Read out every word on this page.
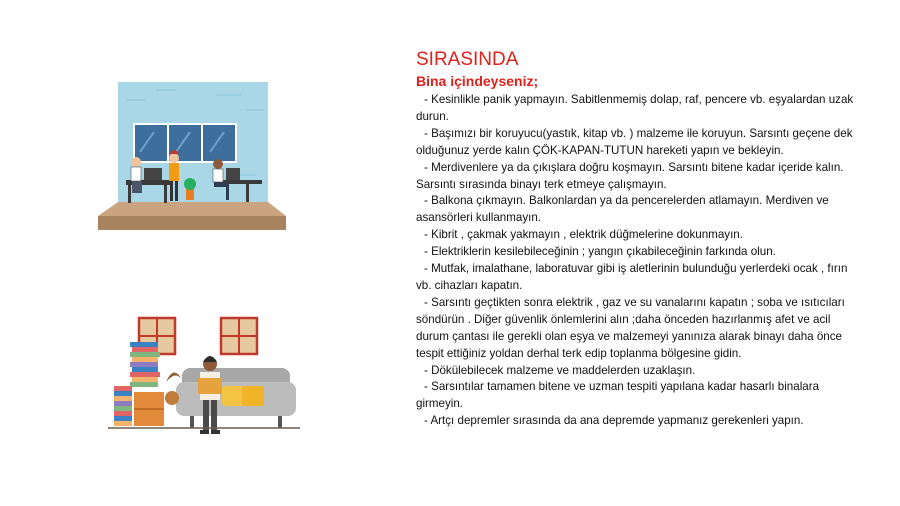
SIRASINDA
Bina içindeyseniz;

- Kesinlikle panik yapmayın. Sabitlenmemiş dolap, raf, pencere vb. eşyalardan uzak durun.

- Başımızı bir koruyucu(yastık, kitap vb. ) malzeme ile koruyun. Sarsıntı geçene dek olduğunuz yerde kalın ÇÖK-KAPAN-TUTUN hareketi yapın ve bekleyin.

- Merdivenlere ya da çıkışlara doğru koşmayın. Sarsıntı bitene kadar içeride kalın. Sarsıntı sırasında binayı terk etmeye çalışmayın.

- Balkona çıkmayın. Balkonlardan ya da pencerelerden atlamayın. Merdiven ve asansörleri kullanmayın.

- Kibrit , çakmak yakmayın , elektrik düğmelerine dokunmayın.

- Elektriklerin kesilebileceğinin ; yangın çıkabileceğinin farkında olun.

- Mutfak, imalathane, laboratuvar gibi iş aletlerinin bulunduğu yerlerdeki ocak , fırın vb. cihazları kapatın.

- Sarsıntı geçtikten sonra elektrik , gaz ve su vanalarını kapatın ; soba ve ısıtıcıları söndürün . Diğer güvenlik önlemlerini alın ;daha önceden hazırlanmış afet ve acil durum çantası ile gerekli olan eşya ve malzemeyi yanınıza alarak binayı daha önce tespit ettiğiniz yoldan derhal terk edip toplanma bölgesine gidin.

- Dökülebilecek malzeme ve maddelerden uzaklaşın.

- Sarsıntılar tamamen bitene ve uzman tespiti yapılana kadar hasarlı binalara girmeyin.

- Artçı depremler sırasında da ana depremde yapmanız gerekenleri yapın.
